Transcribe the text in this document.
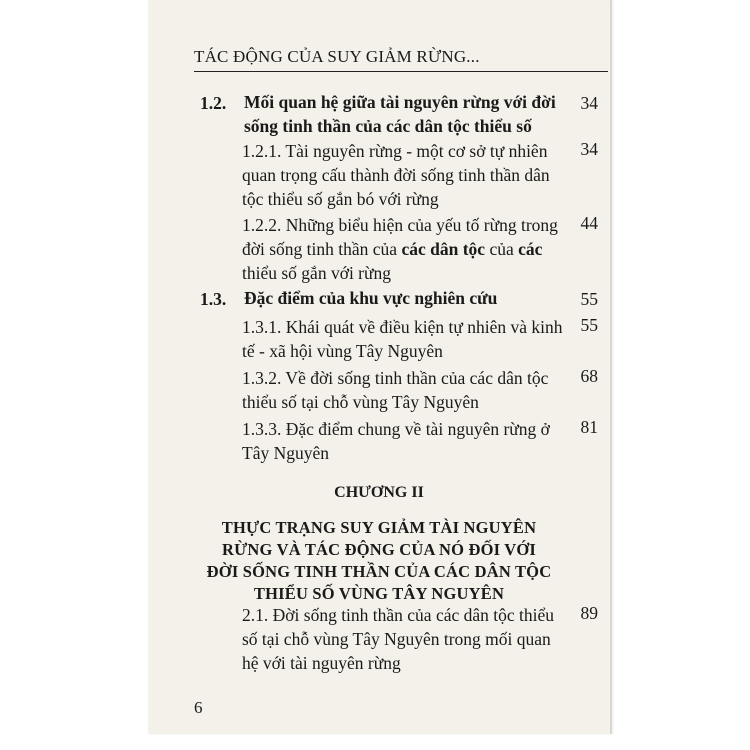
TÁC ĐỘNG CỦA SUY GIẢM RỪNG...
1.2. Mối quan hệ giữa tài nguyên rừng với đời
sống tinh thần của các dân tộc thiểu số
34
1.2.1. Tài nguyên rừng - một cơ sở tự nhiên
quan trọng cấu thành đời sống tinh thần dân
tộc thiểu số gắn bó với rừng
34
1.2.2. Những biểu hiện của yếu tố rừng trong
đời sống tinh thần của các dân tộc của các
thiểu số gắn với rừng
44
1.3. Đặc điểm của khu vực nghiên cứu	55
1.3.1. Khái quát về điều kiện tự nhiên và kinh
tế - xã hội vùng Tây Nguyên
55
1.3.2. Về đời sống tinh thần của các dân tộc
thiểu số tại chỗ vùng Tây Nguyên
68
1.3.3. Đặc điểm chung về tài nguyên rừng ở
Tây Nguyên
81
CHƯƠNG II
THỰC TRẠNG SUY GIẢM TÀI NGUYÊN
RỪNG VÀ TÁC ĐỘNG CỦA NÓ ĐỐI VỚI
ĐỜI SỐNG TINH THẦN CỦA CÁC DÂN TỘC
THIỂU SỐ VÙNG TÂY NGUYÊN
2.1. Đời sống tinh thần của các dân tộc thiểu
số tại chỗ vùng Tây Nguyên trong mối quan
hệ với tài nguyên rừng
89
6
